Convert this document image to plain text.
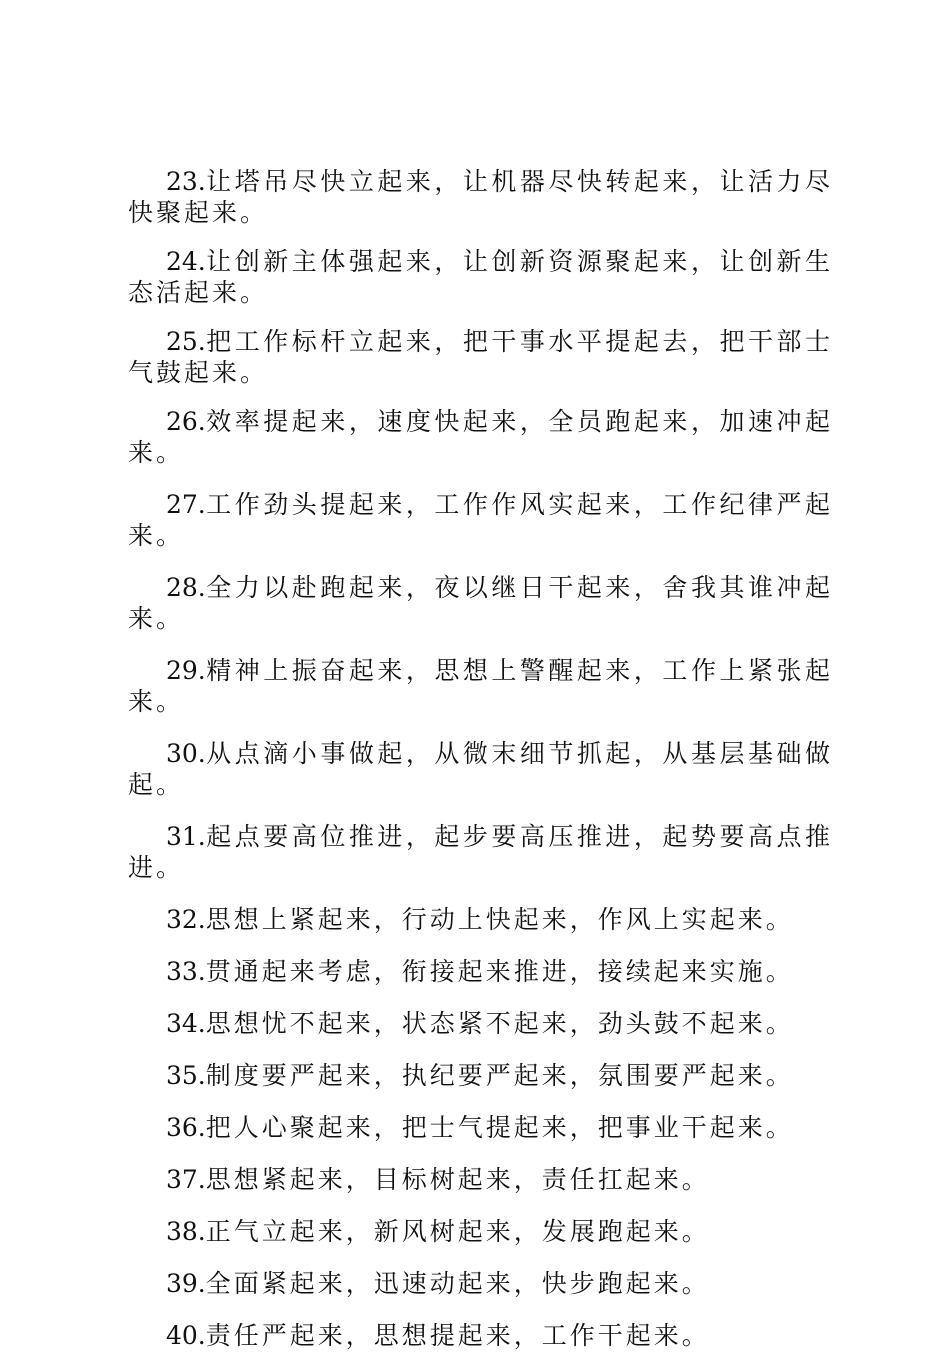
23.让塔吊尽快立起来，让机器尽快转起来，让活力尽快聚起来。

24.让创新主体强起来，让创新资源聚起来，让创新生态活起来。

25.把工作标杆立起来，把干事水平提起去，把干部士气鼓起来。

26.效率提起来，速度快起来，全员跑起来，加速冲起来。

27.工作劲头提起来，工作作风实起来，工作纪律严起来。

28.全力以赴跑起来，夜以继日干起来，舍我其谁冲起来。

29.精神上振奋起来，思想上警醒起来，工作上紧张起来。

30.从点滴小事做起，从微末细节抓起，从基层基础做起。

31.起点要高位推进，起步要高压推进，起势要高点推进。

32.思想上紧起来，行动上快起来，作风上实起来。

33.贯通起来考虑，衔接起来推进，接续起来实施。

34.思想忧不起来，状态紧不起来，劲头鼓不起来。

35.制度要严起来，执纪要严起来，氛围要严起来。

36.把人心聚起来，把士气提起来，把事业干起来。

37.思想紧起来，目标树起来，责任扛起来。

38.正气立起来，新风树起来，发展跑起来。

39.全面紧起来，迅速动起来，快步跑起来。

40.责任严起来，思想提起来，工作干起来。
